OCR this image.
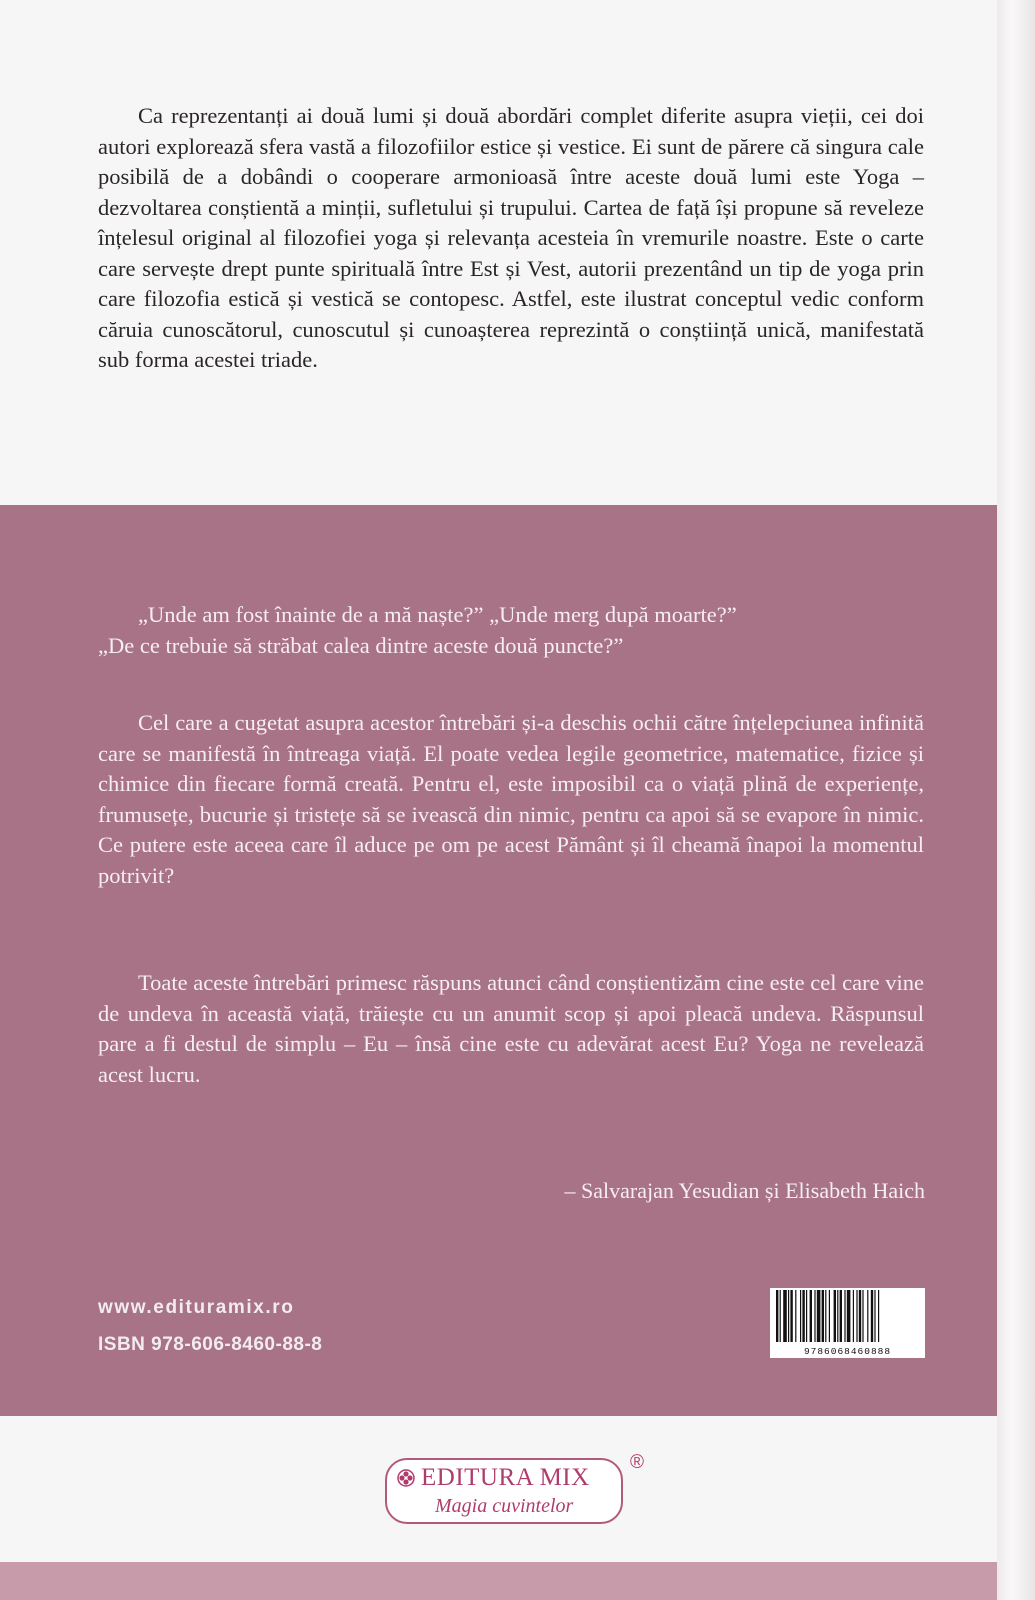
Ca reprezentanți ai două lumi și două abordări complet diferite asupra vieții, cei doi autori explorează sfera vastă a filozofiilor estice și vestice. Ei sunt de părere că singura cale posibilă de a dobândi o cooperare armonioasă între aceste două lumi este Yoga – dezvoltarea conștientă a minții, sufletului și trupului. Cartea de față își propune să reveleze înțelesul original al filozofiei yoga și relevanța acesteia în vremurile noastre. Este o carte care servește drept punte spirituală între Est și Vest, autorii prezentând un tip de yoga prin care filozofia estică și vestică se contopesc. Astfel, este ilustrat conceptul vedic conform căruia cunoscătorul, cunoscutul și cunoașterea reprezintă o conștiință unică, manifestată sub forma acestei triade.

„Unde am fost înainte de a mă naște?” „Unde merg după moarte?”
„De ce trebuie să străbat calea dintre aceste două puncte?”

Cel care a cugetat asupra acestor întrebări și-a deschis ochii către înțelepciunea infinită care se manifestă în întreaga viață. El poate vedea legile geometrice, matematice, fizice și chimice din fiecare formă creată. Pentru el, este imposibil ca o viață plină de experiențe, frumusețe, bucurie și tristețe să se ivească din nimic, pentru ca apoi să se evapore în nimic. Ce putere este aceea care îl aduce pe om pe acest Pământ și îl cheamă înapoi la momentul potrivit?

Toate aceste întrebări primesc răspuns atunci când conștientizăm cine este cel care vine de undeva în această viață, trăiește cu un anumit scop și apoi pleacă undeva. Răspunsul pare a fi destul de simplu – Eu – însă cine este cu adevărat acest Eu? Yoga ne revelează acest lucru.

– Salvarajan Yesudian și Elisabeth Haich

www.edituramix.ro

ISBN 978-606-8460-88-8	9786068460888

EDITURA MIX

Magia cuvintelor

®
